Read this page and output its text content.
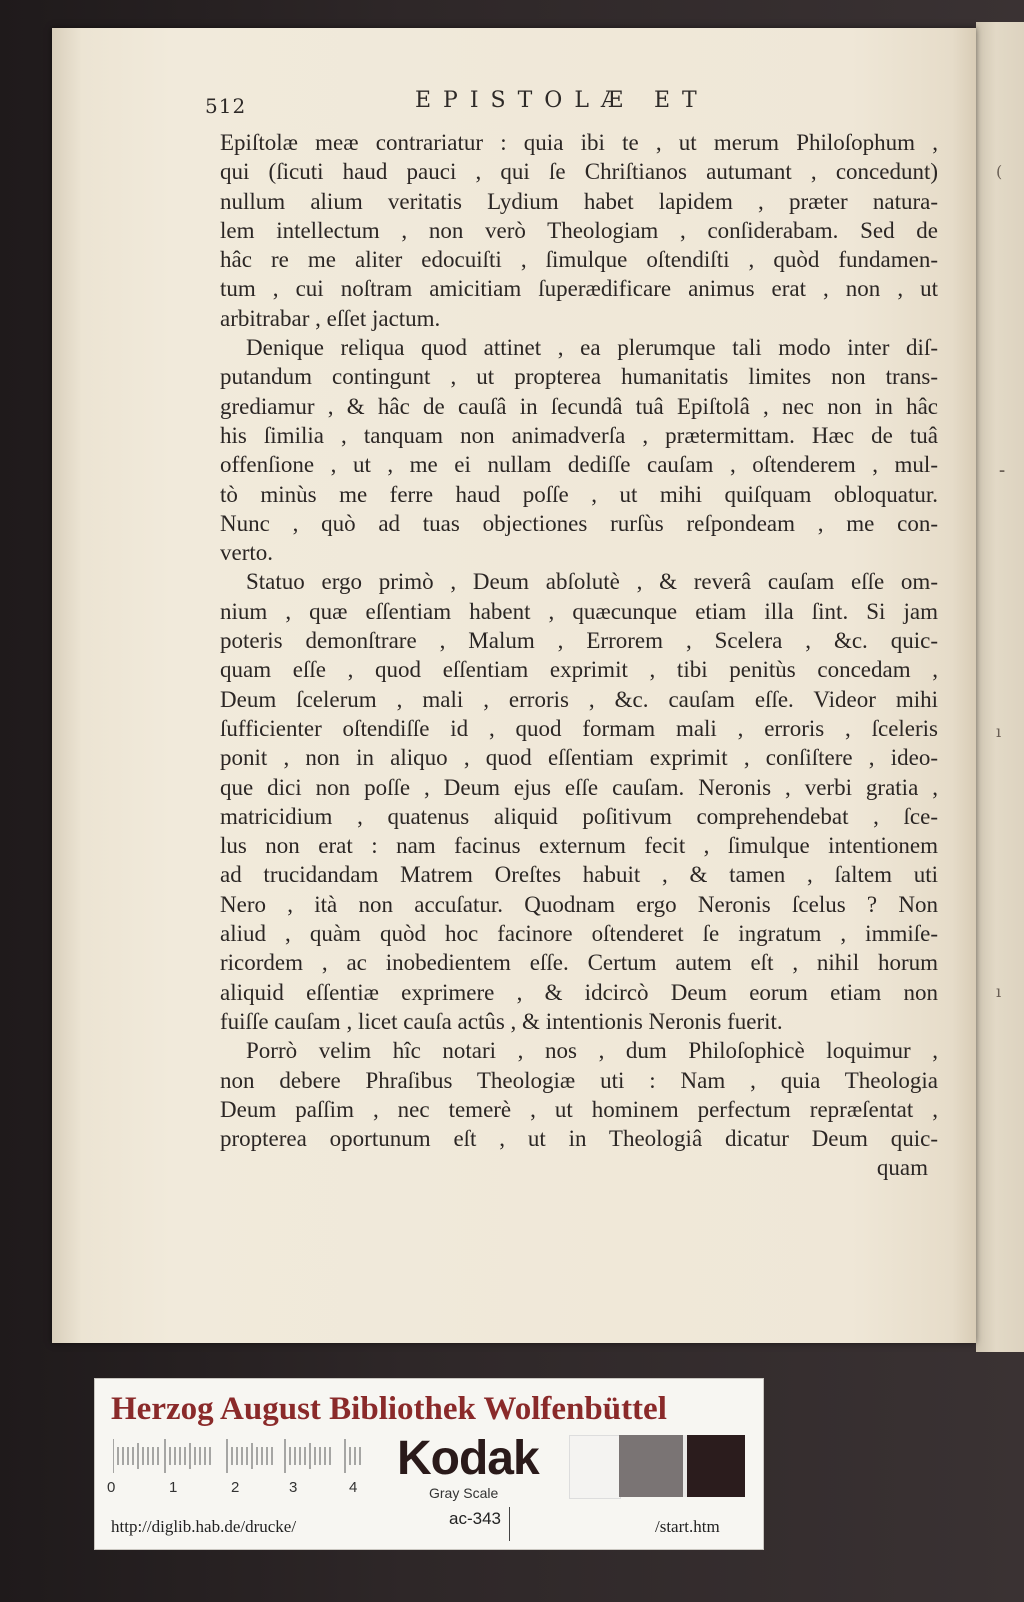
(
⁃
ı
ı
512	EPISTOLÆ ET
Epiſtolæ meæ contrariatur : quia ibi te , ut merum Philoſophum ,
qui (ſicuti haud pauci , qui ſe Chriſtianos autumant , concedunt)
nullum alium veritatis Lydium habet lapidem , præter natura-
lem intellectum , non verò Theologiam , conſiderabam. Sed de
hâc re me aliter edocuiſti , ſimulque oſtendiſti , quòd fundamen-
tum , cui noſtram amicitiam ſuperædificare animus erat , non , ut
arbitrabar , eſſet jactum.
Denique reliqua quod attinet , ea plerumque tali modo inter diſ-
putandum contingunt , ut propterea humanitatis limites non trans-
grediamur , & hâc de cauſâ in ſecundâ tuâ Epiſtolâ , nec non in hâc
his ſimilia , tanquam non animadverſa , prætermittam. Hæc de tuâ
offenſione , ut , me ei nullam dediſſe cauſam , oſtenderem , mul-
tò minùs me ferre haud poſſe , ut mihi quiſquam obloquatur.
Nunc , quò ad tuas objectiones rurſùs reſpondeam , me con-
verto.
Statuo ergo primò , Deum abſolutè , & reverâ cauſam eſſe om-
nium , quæ eſſentiam habent , quæcunque etiam illa ſint. Si jam
poteris demonſtrare , Malum , Errorem , Scelera , &c. quic-
quam eſſe , quod eſſentiam exprimit , tibi penitùs concedam ,
Deum ſcelerum , mali , erroris , &c. cauſam eſſe. Videor mihi
ſufficienter oſtendiſſe id , quod formam mali , erroris , ſceleris
ponit , non in aliquo , quod eſſentiam exprimit , conſiſtere , ideo-
que dici non poſſe , Deum ejus eſſe cauſam. Neronis , verbi gratia ,
matricidium , quatenus aliquid poſitivum comprehendebat , ſce-
lus non erat : nam facinus externum fecit , ſimulque intentionem
ad trucidandam Matrem Oreſtes habuit , & tamen , ſaltem uti
Nero , ità non accuſatur. Quodnam ergo Neronis ſcelus ? Non
aliud , quàm quòd hoc facinore oſtenderet ſe ingratum , immiſe-
ricordem , ac inobedientem eſſe. Certum autem eſt , nihil horum
aliquid eſſentiæ exprimere , & idcircò Deum eorum etiam non
fuiſſe cauſam , licet cauſa actûs , & intentionis Neronis fuerit.
Porrò velim hîc notari , nos , dum Philoſophicè loquimur ,
non debere Phraſibus Theologiæ uti : Nam , quia Theologia
Deum paſſim , nec temerè , ut hominem perfectum repræſentat ,
propterea oportunum eſt , ut in Theologiâ dicatur Deum quic-
quam
Herzog August Bibliothek Wolfenbüttel
0	1	2	3	4
Kodak
Gray Scale
http://diglib.hab.de/drucke/	ac-343	/start.htm
